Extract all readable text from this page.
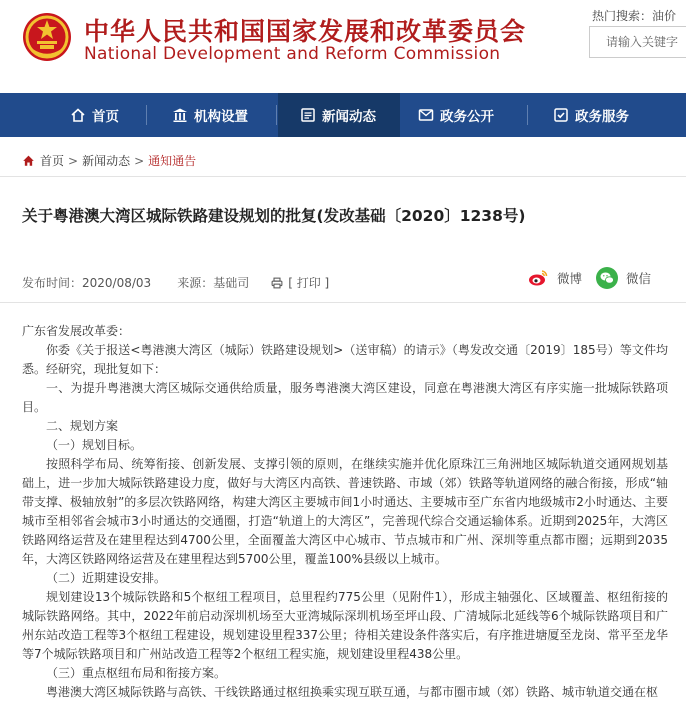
中华人民共和国国家发展和改革委员会
National Development and Reform Commission
热门搜索：油价
请输入关键字
首页	机构设置	新闻动态	政务公开	政务服务
首页 > 新闻动态 > 通知通告
关于粤港澳大湾区城际铁路建设规划的批复(发改基础〔2020〕1238号)
发布时间： 2020/08/03 来源： 基础司	[ 打印 ]	微博	微信

广东省发展改革委：

你委《关于报送<粤港澳大湾区（城际）铁路建设规划>（送审稿）的请示》（粤发改交通〔2019〕185号）等文件均悉。经研究，现批复如下：

一、为提升粤港澳大湾区城际交通供给质量，服务粤港澳大湾区建设，同意在粤港澳大湾区有序实施一批城际铁路项目。

二、规划方案

（一）规划目标。

按照科学布局、统筹衔接、创新发展、支撑引领的原则，在继续实施并优化原珠江三角洲地区城际轨道交通网规划基础上，进一步加大城际铁路建设力度，做好与大湾区内高铁、普速铁路、市域（郊）铁路等轨道网络的融合衔接，形成“轴带支撑、极轴放射”的多层次铁路网络，构建大湾区主要城市间1小时通达、主要城市至广东省内地级城市2小时通达、主要城市至相邻省会城市3小时通达的交通圈，打造“轨道上的大湾区”，完善现代综合交通运输体系。近期到2025年，大湾区铁路网络运营及在建里程达到4700公里，全面覆盖大湾区中心城市、节点城市和广州、深圳等重点都市圈；远期到2035年，大湾区铁路网络运营及在建里程达到5700公里，覆盖100%县级以上城市。

（二）近期建设安排。

规划建设13个城际铁路和5个枢纽工程项目，总里程约775公里（见附件1），形成主轴强化、区域覆盖、枢纽衔接的城际铁路网络。其中，2022年前启动深圳机场至大亚湾城际深圳机场至坪山段、广清城际北延线等6个城际铁路项目和广州东站改造工程等3个枢纽工程建设，规划建设里程337公里；待相关建设条件落实后，有序推进塘厦至龙岗、常平至龙华等7个城际铁路项目和广州站改造工程等2个枢纽工程实施，规划建设里程438公里。

（三）重点枢纽布局和衔接方案。

粤港澳大湾区城际铁路与高铁、干线铁路通过枢纽换乘实现互联互通，与都市圈市域（郊）铁路、城市轨道交通在枢
